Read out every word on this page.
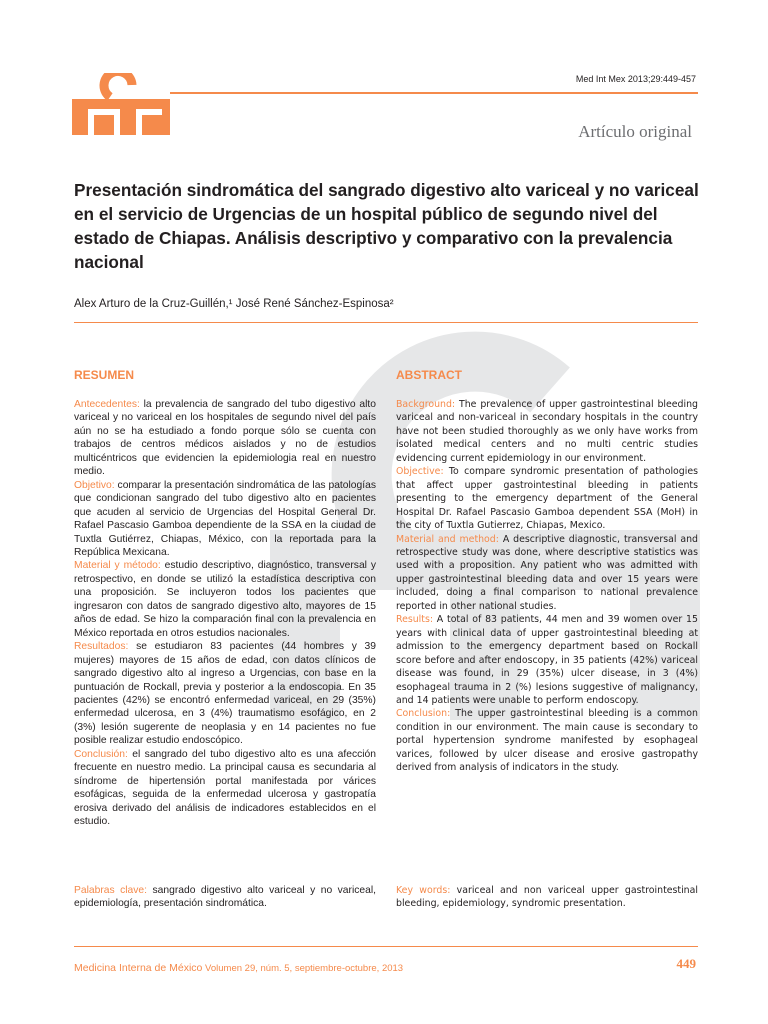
Med Int Mex 2013;29:449-457
Artículo original
Presentación sindromática del sangrado digestivo alto variceal y no variceal en el servicio de Urgencias de un hospital público de segundo nivel del estado de Chiapas. Análisis descriptivo y comparativo con la prevalencia nacional
Alex Arturo de la Cruz-Guillén,¹ José René Sánchez-Espinosa²
RESUMEN

Antecedentes: la prevalencia de sangrado del tubo digestivo alto variceal y no variceal en los hospitales de segundo nivel del país aún no se ha estudiado a fondo porque sólo se cuenta con trabajos de centros médicos aislados y no de estudios multicéntricos que evidencien la epidemiologia real en nuestro medio.

Objetivo: comparar la presentación sindromática de las patologías que condicionan sangrado del tubo digestivo alto en pacientes que acuden al servicio de Urgencias del Hospital General Dr. Rafael Pascasio Gamboa dependiente de la SSA en la ciudad de Tuxtla Gutiérrez, Chiapas, México, con la reportada para la República Mexicana.

Material y método: estudio descriptivo, diagnóstico, transversal y retrospectivo, en donde se utilizó la estadística descriptiva con una proposición. Se incluyeron todos los pacientes que ingresaron con datos de sangrado digestivo alto, mayores de 15 años de edad. Se hizo la comparación final con la prevalencia en México reportada en otros estudios nacionales.

Resultados: se estudiaron 83 pacientes (44 hombres y 39 mujeres) mayores de 15 años de edad, con datos clínicos de sangrado digestivo alto al ingreso a Urgencias, con base en la puntuación de Rockall, previa y posterior a la endoscopia. En 35 pacientes (42%) se encontró enfermedad variceal, en 29 (35%) enfermedad ulcerosa, en 3 (4%) traumatismo esofágico, en 2 (3%) lesión sugerente de neoplasia y en 14 pacientes no fue posible realizar estudio endoscópico.

Conclusión: el sangrado del tubo digestivo alto es una afección frecuente en nuestro medio. La principal causa es secundaria al síndrome de hipertensión portal manifestada por várices esofágicas, seguida de la enfermedad ulcerosa y gastropatía erosiva derivado del análisis de indicadores establecidos en el estudio.

Palabras clave: sangrado digestivo alto variceal y no variceal, epidemiología, presentación sindromática.

ABSTRACT

Background: The prevalence of upper gastrointestinal bleeding variceal and non-variceal in secondary hospitals in the country have not been studied thoroughly as we only have works from isolated medical centers and no multi centric studies evidencing current epidemiology in our environment.

Objective: To compare syndromic presentation of pathologies that affect upper gastrointestinal bleeding in patients presenting to the emergency department of the General Hospital Dr. Rafael Pascasio Gamboa dependent SSA (MoH) in the city of Tuxtla Gutierrez, Chiapas, Mexico.

Material and method: A descriptive diagnostic, transversal and retrospective study was done, where descriptive statistics was used with a proposition. Any patient who was admitted with upper gastrointestinal bleeding data and over 15 years were included, doing a final comparison to national prevalence reported in other national studies.

Results: A total of 83 patients, 44 men and 39 women over 15 years with clinical data of upper gastrointestinal bleeding at admission to the emergency department based on Rockall score before and after endoscopy, in 35 patients (42%) variceal disease was found, in 29 (35%) ulcer disease, in 3 (4%) esophageal trauma in 2 (%) lesions suggestive of malignancy, and 14 patients were unable to perform endoscopy.

Conclusion: The upper gastrointestinal bleeding is a common condition in our environment. The main cause is secondary to portal hypertension syndrome manifested by esophageal varices, followed by ulcer disease and erosive gastropathy derived from analysis of indicators in the study.

Key words: variceal and non variceal upper gastrointestinal bleeding, epidemiology, syndromic presentation.

Medicina Interna de México Volumen 29, núm. 5, septiembre-octubre, 2013	449
